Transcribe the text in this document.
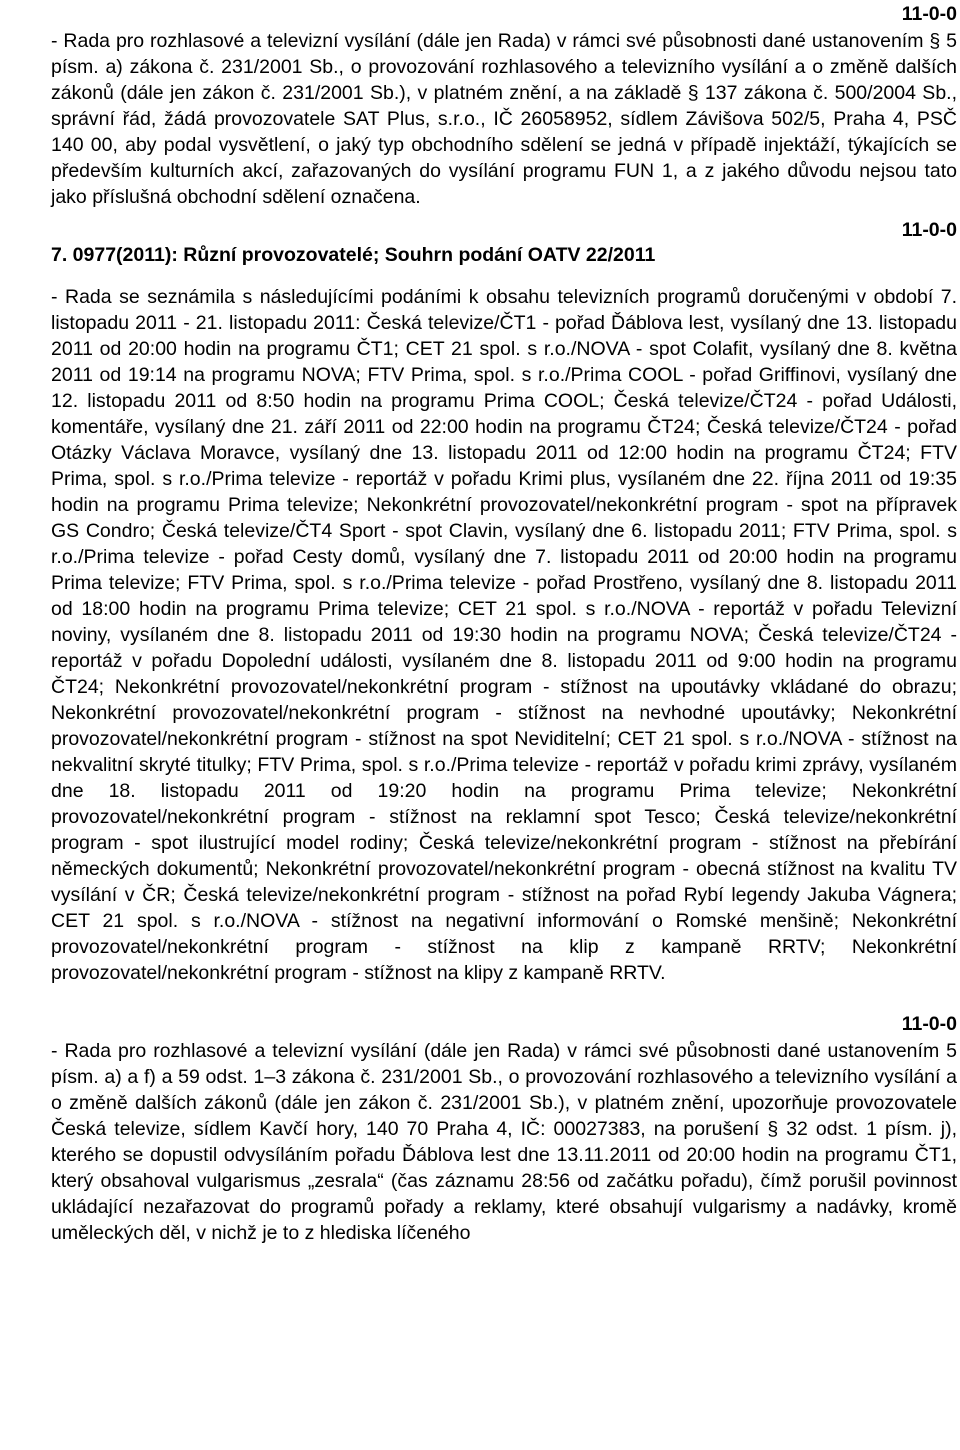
11-0-0

- Rada pro rozhlasové a televizní vysílání (dále jen Rada) v rámci své působnosti dané ustanovením § 5 písm. a) zákona č. 231/2001 Sb., o provozování rozhlasového a televizního vysílání a o změně dalších zákonů (dále jen zákon č. 231/2001 Sb.), v platném znění, a na základě § 137 zákona č. 500/2004 Sb., správní řád, žádá provozovatele SAT Plus, s.r.o., IČ 26058952, sídlem Závišova 502/5, Praha 4, PSČ 140 00, aby podal vysvětlení, o jaký typ obchodního sdělení se jedná v případě injektáží, týkajících se především kulturních akcí, zařazovaných do vysílání programu FUN 1, a z jakého důvodu nejsou tato jako příslušná obchodní sdělení označena.

11-0-0

7. 0977(2011): Různí provozovatelé; Souhrn podání OATV 22/2011

- Rada se seznámila s následujícími podáními k obsahu televizních programů doručenými v období 7. listopadu 2011 - 21. listopadu 2011: Česká televize/ČT1 - pořad Ďáblova lest, vysílaný dne 13. listopadu 2011 od 20:00 hodin na programu ČT1; CET 21 spol. s r.o./NOVA - spot Colafit, vysílaný dne 8. května 2011 od 19:14 na programu NOVA; FTV Prima, spol. s r.o./Prima COOL - pořad Griffinovi, vysílaný dne 12. listopadu 2011 od 8:50 hodin na programu Prima COOL; Česká televize/ČT24 - pořad Události, komentáře, vysílaný dne 21. září 2011 od 22:00 hodin na programu ČT24; Česká televize/ČT24 - pořad Otázky Václava Moravce, vysílaný dne 13. listopadu 2011 od 12:00 hodin na programu ČT24; FTV Prima, spol. s r.o./Prima televize - reportáž v pořadu Krimi plus, vysílaném dne 22. října 2011 od 19:35 hodin na programu Prima televize; Nekonkrétní provozovatel/nekonkrétní program - spot na přípravek GS Condro; Česká televize/ČT4 Sport - spot Clavin, vysílaný dne 6. listopadu 2011; FTV Prima, spol. s r.o./Prima televize - pořad Cesty domů, vysílaný dne 7. listopadu 2011 od 20:00 hodin na programu Prima televize; FTV Prima, spol. s r.o./Prima televize - pořad Prostřeno, vysílaný dne 8. listopadu 2011 od 18:00 hodin na programu Prima televize; CET 21 spol. s r.o./NOVA - reportáž v pořadu Televizní noviny, vysílaném dne 8. listopadu 2011 od 19:30 hodin na programu NOVA; Česká televize/ČT24 - reportáž v pořadu Dopolední události, vysílaném dne 8. listopadu 2011 od 9:00 hodin na programu ČT24; Nekonkrétní provozovatel/nekonkrétní program - stížnost na upoutávky vkládané do obrazu; Nekonkrétní provozovatel/nekonkrétní program - stížnost na nevhodné upoutávky; Nekonkrétní provozovatel/nekonkrétní program - stížnost na spot Neviditelní; CET 21 spol. s r.o./NOVA - stížnost na nekvalitní skryté titulky; FTV Prima, spol. s r.o./Prima televize - reportáž v pořadu krimi zprávy, vysílaném dne 18. listopadu 2011 od 19:20 hodin na programu Prima televize; Nekonkrétní provozovatel/nekonkrétní program - stížnost na reklamní spot Tesco; Česká televize/nekonkrétní program - spot ilustrující model rodiny; Česká televize/nekonkrétní program - stížnost na přebírání německých dokumentů; Nekonkrétní provozovatel/nekonkrétní program - obecná stížnost na kvalitu TV vysílání v ČR; Česká televize/nekonkrétní program - stížnost na pořad Rybí legendy Jakuba Vágnera; CET 21 spol. s r.o./NOVA - stížnost na negativní informování o Romské menšině; Nekonkrétní provozovatel/nekonkrétní program - stížnost na klip z kampaně RRTV; Nekonkrétní provozovatel/nekonkrétní program - stížnost na klipy z kampaně RRTV.

11-0-0

- Rada pro rozhlasové a televizní vysílání (dále jen Rada) v rámci své působnosti dané ustanovením 5 písm. a) a f) a 59 odst. 1–3 zákona č. 231/2001 Sb., o provozování rozhlasového a televizního vysílání a o změně dalších zákonů (dále jen zákon č. 231/2001 Sb.), v platném znění, upozorňuje provozovatele Česká televize, sídlem Kavčí hory, 140 70 Praha 4, IČ: 00027383, na porušení § 32 odst. 1 písm. j), kterého se dopustil odvysíláním pořadu Ďáblova lest dne 13.11.2011 od 20:00 hodin na programu ČT1, který obsahoval vulgarismus „zesrala“ (čas záznamu 28:56 od začátku pořadu), čímž porušil povinnost ukládající nezařazovat do programů pořady a reklamy, které obsahují vulgarismy a nadávky, kromě uměleckých děl, v nichž je to z hlediska líčeného
